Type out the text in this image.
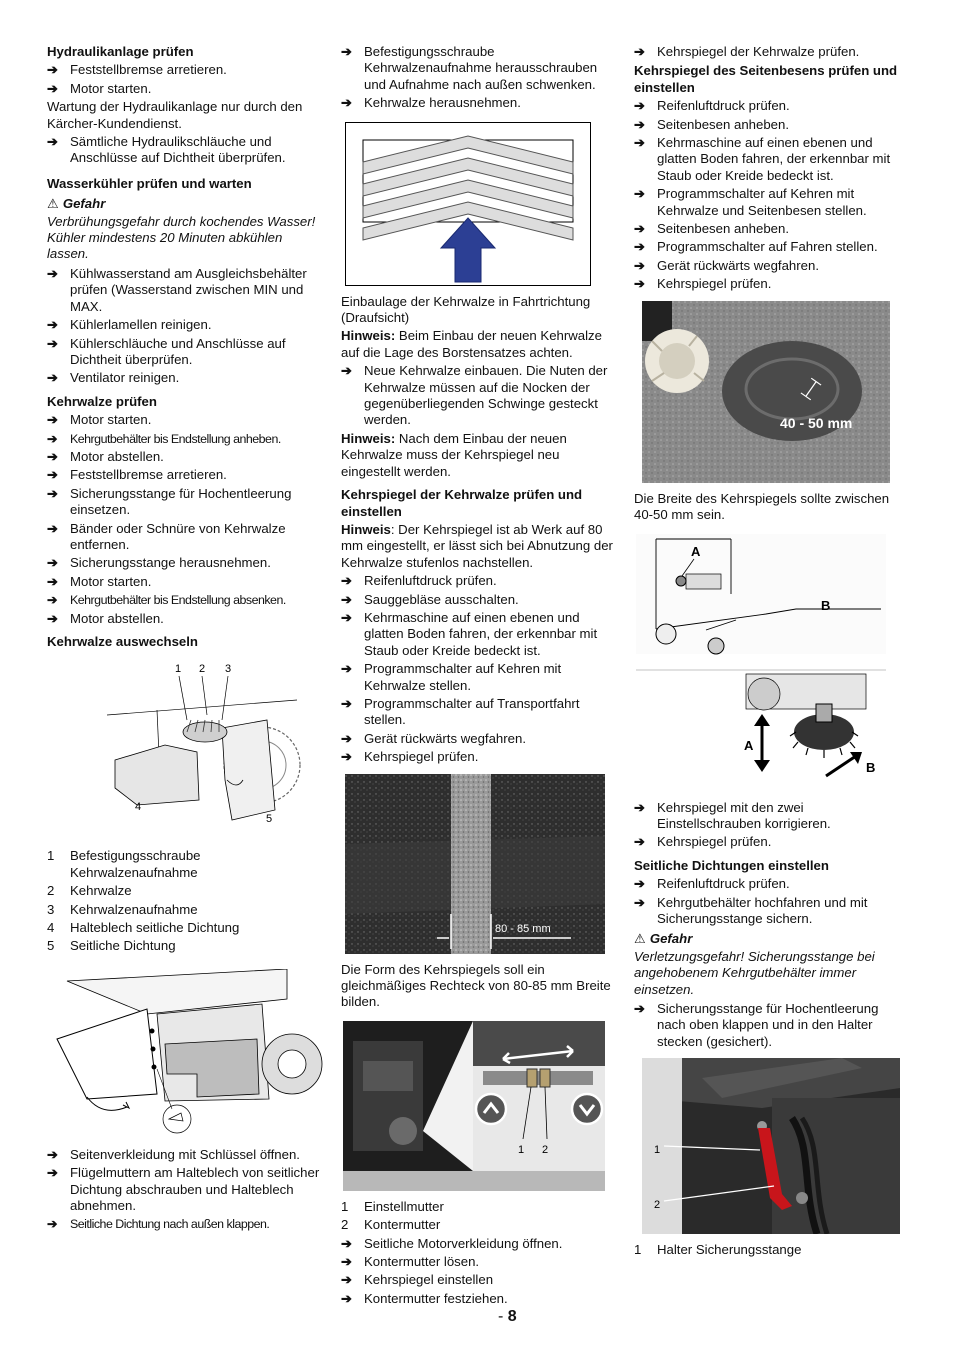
Hydraulikanlage prüfen
➔ Feststellbremse arretieren.
➔ Motor starten.
Wartung der Hydraulikanlage nur durch den Kärcher-Kundendienst.
➔ Sämtliche Hydraulikschläuche und Anschlüsse auf Dichtheit überprüfen.
Wasserkühler prüfen und warten
⚠ Gefahr
Verbrühungsgefahr durch kochendes Wasser! Kühler mindestens 20 Minuten abkühlen lassen.
➔ Kühlwasserstand am Ausgleichsbehälter prüfen (Wasserstand zwischen MIN und MAX.
➔ Kühlerlamellen reinigen.
➔ Kühlerschläuche und Anschlüsse auf Dichtheit überprüfen.
➔ Ventilator reinigen.
Kehrwalze prüfen
➔ Motor starten.
➔ Kehrgutbehälter bis Endstellung anheben.
➔ Motor abstellen.
➔ Feststellbremse arretieren.
➔ Sicherungsstange für Hochentleerung einsetzen.
➔ Bänder oder Schnüre von Kehrwalze entfernen.
➔ Sicherungsstange herausnehmen.
➔ Motor starten.
➔ Kehrgutbehälter bis Endstellung absenken.
➔ Motor abstellen.
Kehrwalze auswechseln
1 2 3
4
5
1 Befestigungsschraube Kehrwalzenaufnahme
2 Kehrwalze
3 Kehrwalzenaufnahme
4 Halteblech seitliche Dichtung
5 Seitliche Dichtung
➔ Seitenverkleidung mit Schlüssel öffnen.
➔ Flügelmuttern am Halteblech von seitlicher Dichtung abschrauben und Halteblech abnehmen.
➔ Seitliche Dichtung nach außen klappen.
➔ Befestigungsschraube Kehrwalzenaufnahme herausschrauben und Aufnahme nach außen schwenken.
➔ Kehrwalze herausnehmen.
Einbaulage der Kehrwalze in Fahrtrichtung (Draufsicht)
Hinweis: Beim Einbau der neuen Kehrwalze auf die Lage des Borstensatzes achten.
➔ Neue Kehrwalze einbauen. Die Nuten der Kehrwalze müssen auf die Nocken der gegenüberliegenden Schwinge gesteckt werden.
Hinweis: Nach dem Einbau der neuen Kehrwalze muss der Kehrspiegel neu eingestellt werden.
Kehrspiegel der Kehrwalze prüfen und einstellen
Hinweis: Der Kehrspiegel ist ab Werk auf 80 mm eingestellt, er lässt sich bei Abnutzung der Kehrwalze stufenlos nachstellen.
➔ Reifenluftdruck prüfen.
➔ Sauggebläse ausschalten.
➔ Kehrmaschine auf einen ebenen und glatten Boden fahren, der erkennbar mit Staub oder Kreide bedeckt ist.
➔ Programmschalter auf Kehren mit Kehrwalze stellen.
➔ Programmschalter auf Transportfahrt stellen.
➔ Gerät rückwärts wegfahren.
➔ Kehrspiegel prüfen.
80 - 85 mm
Die Form des Kehrspiegels soll ein gleichmäßiges Rechteck von 80-85 mm Breite bilden.
1 2
1 Einstellmutter
2 Kontermutter
➔ Seitliche Motorverkleidung öffnen.
➔ Kontermutter lösen.
➔ Kehrspiegel einstellen
➔ Kontermutter festziehen.
➔ Kehrspiegel der Kehrwalze prüfen.
Kehrspiegel des Seitenbesens prüfen und einstellen
➔ Reifenluftdruck prüfen.
➔ Seitenbesen anheben.
➔ Kehrmaschine auf einen ebenen und glatten Boden fahren, der erkennbar mit Staub oder Kreide bedeckt ist.
➔ Programmschalter auf Kehren mit Kehrwalze und Seitenbesen stellen.
➔ Seitenbesen anheben.
➔ Programmschalter auf Fahren stellen.
➔ Gerät rückwärts wegfahren.
➔ Kehrspiegel prüfen.
40 - 50 mm
Die Breite des Kehrspiegels sollte zwischen 40-50 mm sein.
A
B
A
B
➔ Kehrspiegel mit den zwei Einstellschrauben korrigieren.
➔ Kehrspiegel prüfen.
Seitliche Dichtungen einstellen
➔ Reifenluftdruck prüfen.
➔ Kehrgutbehälter hochfahren und mit Sicherungsstange sichern.
⚠ Gefahr
Verletzungsgefahr! Sicherungsstange bei angehobenem Kehrgutbehälter immer einsetzen.
➔ Sicherungsstange für Hochentleerung nach oben klappen und in den Halter stecken (gesichert).
1
2
1 Halter Sicherungsstange
- 8
